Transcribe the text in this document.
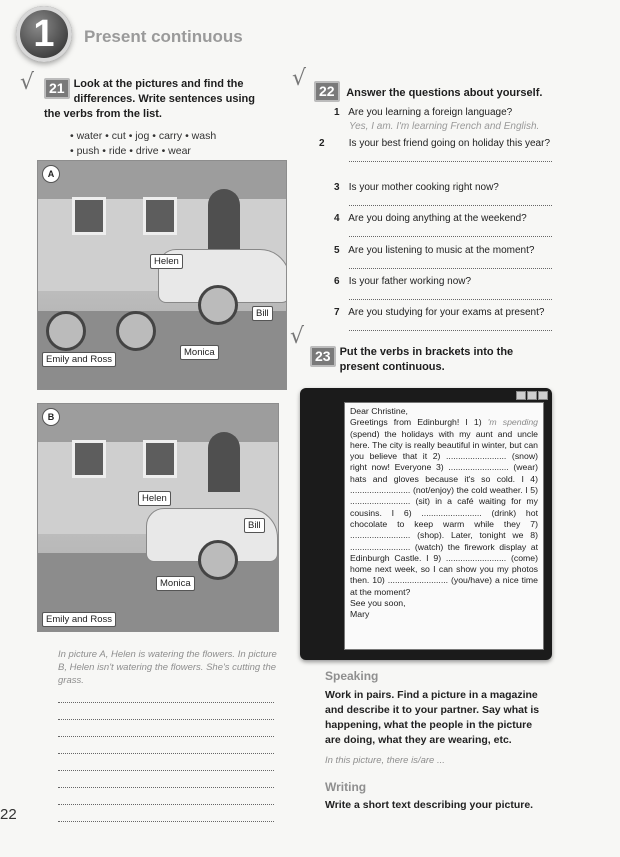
1	Present continuous
√	21 Look at the pictures and find the differences. Write sentences using the verbs from the list.
• water • cut • jog • carry • wash
• push • ride • drive • wear
A
Helen
Bill
Monica
Emily and Ross
B
Helen
Bill
Monica
Emily and Ross
In picture A, Helen is watering the flowers. In picture B, Helen isn't watering the flowers. She's cutting the grass.
√ 22 Answer the questions about yourself.
1 Are you learning a foreign language?
Yes, I am. I'm learning French and English.
2 Is your best friend going on holiday this year?
3 Is your mother cooking right now?
4 Are you doing anything at the weekend?
5 Are you listening to music at the moment?
6 Is your father working now?
7 Are you studying for your exams at present?
√
23 Put the verbs in brackets into the present continuous.
Dear Christine,
Greetings from Edinburgh! I 1) 'm spending (spend) the holidays with my aunt and uncle here. The city is really beautiful in winter, but can you believe that it 2) ......................... (snow) right now! Everyone 3) ......................... (wear) hats and gloves because it's so cold. I 4) ......................... (not/enjoy) the cold weather. I 5) ......................... (sit) in a café waiting for my cousins. I 6) ......................... (drink) hot chocolate to keep warm while they 7) ......................... (shop). Later, tonight we 8) ......................... (watch) the firework display at Edinburgh Castle. I 9) ......................... (come) home next week, so I can show you my photos then. 10) ......................... (you/have) a nice time at the moment?
See you soon,
Mary
Speaking
Work in pairs. Find a picture in a magazine and describe it to your partner. Say what is happening, what the people in the picture are doing, what they are wearing, etc.
In this picture, there is/are ...
Writing
Write a short text describing your picture.
22
